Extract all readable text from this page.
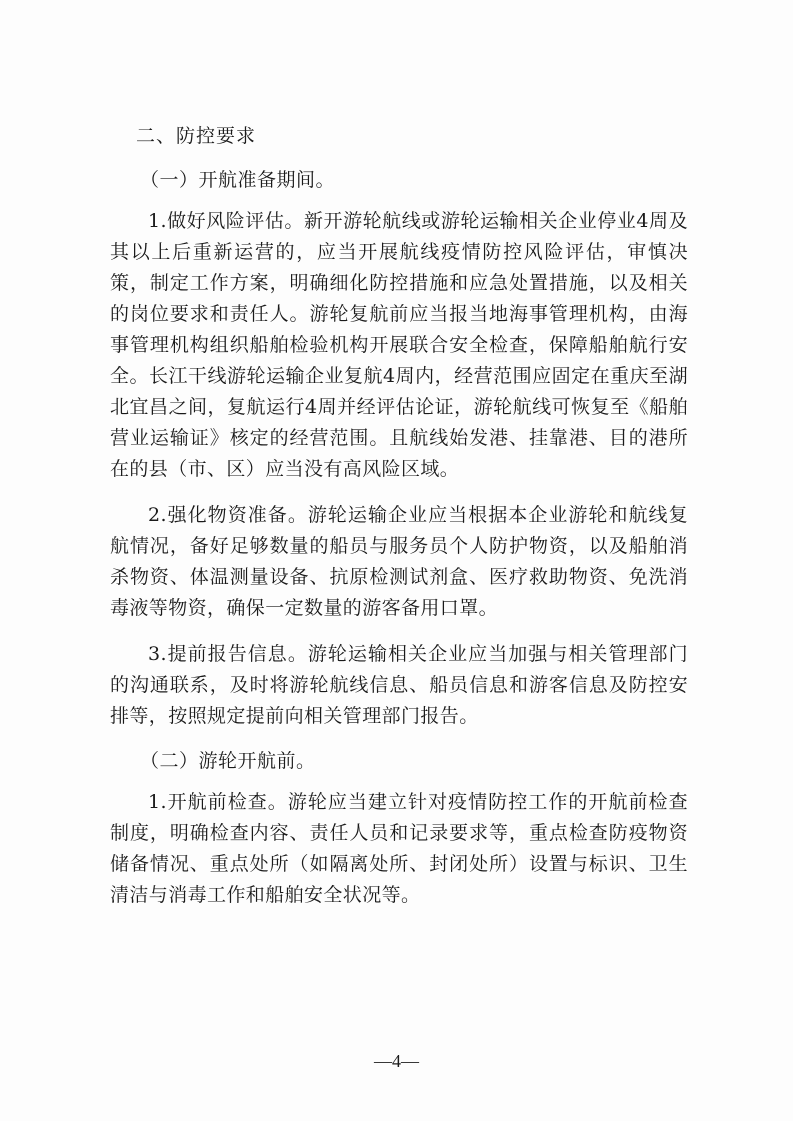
二、防控要求
（一）开航准备期间。

1.做好风险评估。新开游轮航线或游轮运输相关企业停业4周及其以上后重新运营的，应当开展航线疫情防控风险评估，审慎决策，制定工作方案，明确细化防控措施和应急处置措施，以及相关的岗位要求和责任人。游轮复航前应当报当地海事管理机构，由海事管理机构组织船舶检验机构开展联合安全检查，保障船舶航行安全。长江干线游轮运输企业复航4周内，经营范围应固定在重庆至湖北宜昌之间，复航运行4周并经评估论证，游轮航线可恢复至《船舶营业运输证》核定的经营范围。且航线始发港、挂靠港、目的港所在的县（市、区）应当没有高风险区域。

2.强化物资准备。游轮运输企业应当根据本企业游轮和航线复航情况，备好足够数量的船员与服务员个人防护物资，以及船舶消杀物资、体温测量设备、抗原检测试剂盒、医疗救助物资、免洗消毒液等物资，确保一定数量的游客备用口罩。

3.提前报告信息。游轮运输相关企业应当加强与相关管理部门的沟通联系，及时将游轮航线信息、船员信息和游客信息及防控安排等，按照规定提前向相关管理部门报告。

（二）游轮开航前。

1.开航前检查。游轮应当建立针对疫情防控工作的开航前检查制度，明确检查内容、责任人员和记录要求等，重点检查防疫物资储备情况、重点处所（如隔离处所、封闭处所）设置与标识、卫生清洁与消毒工作和船舶安全状况等。

—4—
